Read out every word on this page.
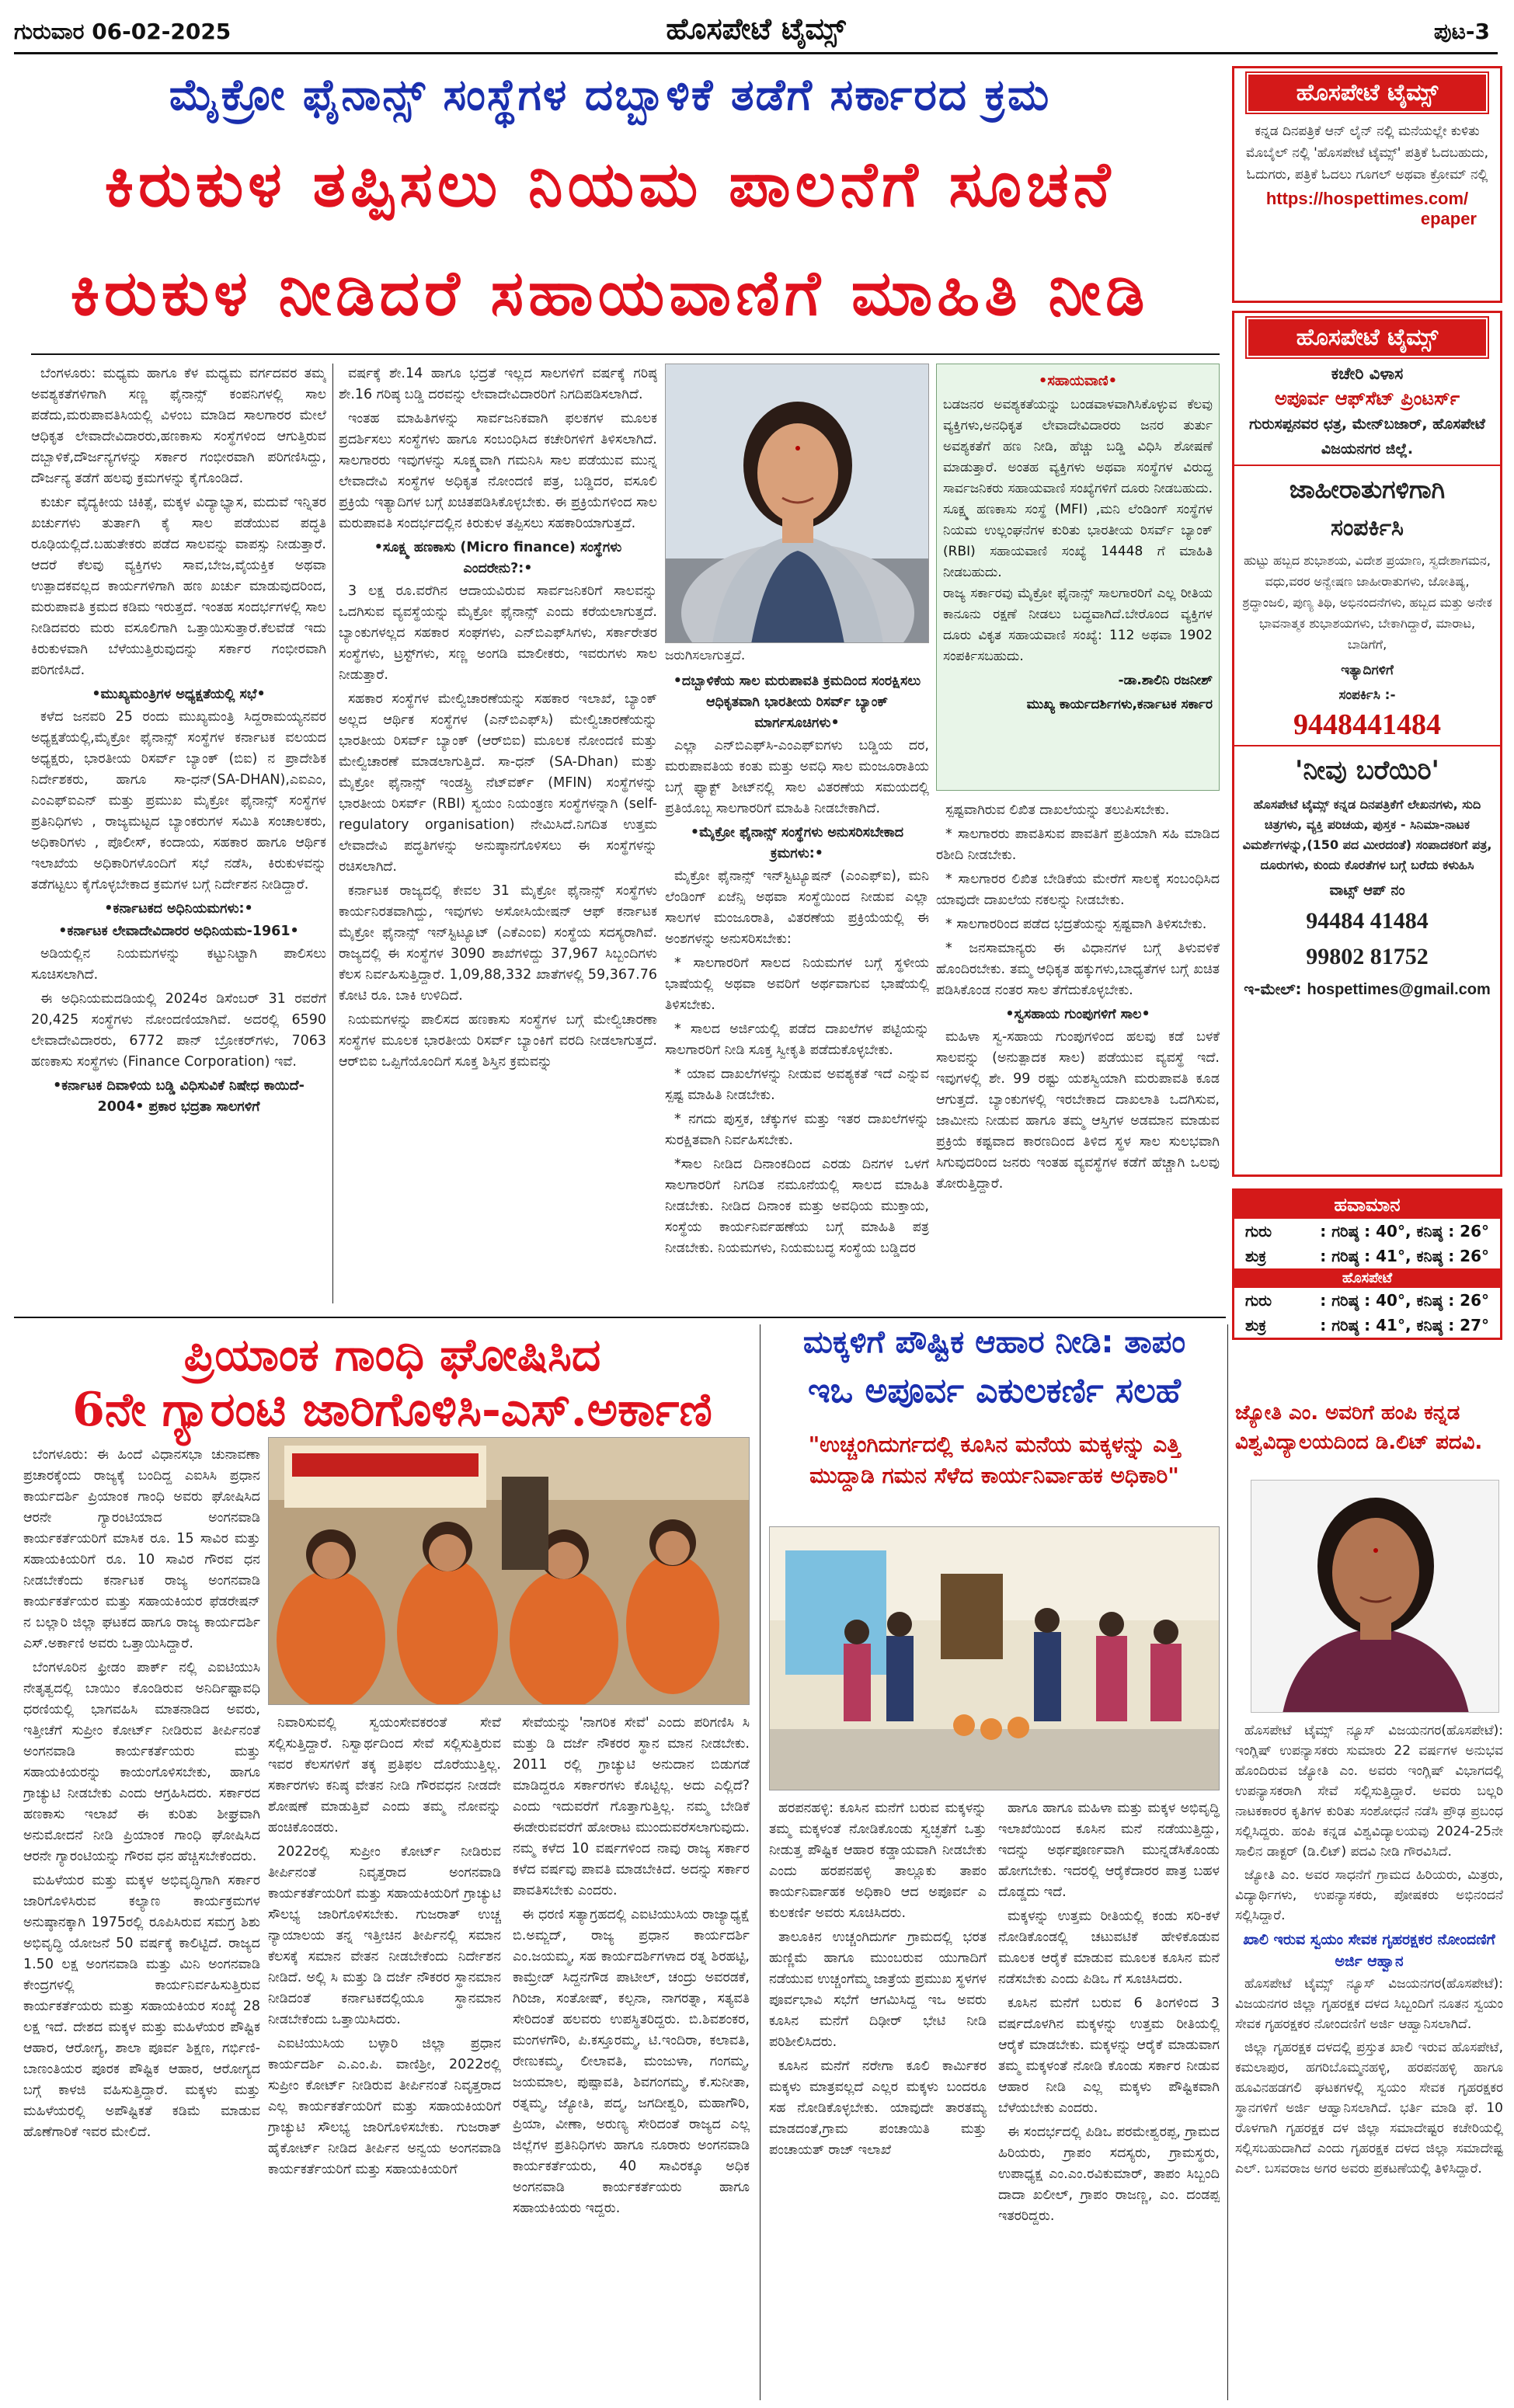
ಗುರುವಾರ 06-02-2025	ಹೊಸಪೇಟೆ ಟೈಮ್ಸ್	ಪುಟ-3
ಮೈಕ್ರೋ ಫೈನಾನ್ಸ್ ಸಂಸ್ಥೆಗಳ ದಬ್ಬಾಳಿಕೆ ತಡೆಗೆ ಸರ್ಕಾರದ ಕ್ರಮ
ಕಿರುಕುಳ ತಪ್ಪಿಸಲು ನಿಯಮ ಪಾಲನೆಗೆ ಸೂಚನೆ
ಕಿರುಕುಳ ನೀಡಿದರೆ ಸಹಾಯವಾಣಿಗೆ ಮಾಹಿತಿ ನೀಡಿ

ಬೆಂಗಳೂರು: ಮಧ್ಯಮ ಹಾಗೂ ಕೆಳ ಮಧ್ಯಮ ವರ್ಗದವರ ತಮ್ಮ ಅವಶ್ಯಕತೆಗಳಿಗಾಗಿ ಸಣ್ಣ ಫೈನಾನ್ಸ್ ಕಂಪನಿಗಳಲ್ಲಿ ಸಾಲ ಪಡೆದು,ಮರುಪಾವತಿಸಿಯಲ್ಲಿ ವಿಳಂಬ ಮಾಡಿದ ಸಾಲಗಾರರ ಮೇಲೆ ಆಧಿಕೃತ ಲೇವಾದೇವಿದಾರರು,ಹಣಕಾಸು ಸಂಸ್ಥೆಗಳಿಂದ ಆಗುತ್ತಿರುವ ದಬ್ಬಾಳಿಕೆ,ದೌರ್ಜನ್ಯಗಳನ್ನು ಸರ್ಕಾರ ಗಂಭೀರವಾಗಿ ಪರಿಗಣಿಸಿದ್ದು, ದೌರ್ಜನ್ಯ ತಡೆಗೆ ಹಲವು ಕ್ರಮಗಳನ್ನು ಕೈಗೊಂಡಿದೆ.

ಕುರ್ಚು ವೈದ್ಯಕೀಯ ಚಿಕಿತ್ಸೆ, ಮಕ್ಕಳ ವಿದ್ಯಾಭ್ಯಾಸ, ಮದುವೆ ಇನ್ನಿತರ ಖರ್ಚುಗಳು ತುರ್ತಾಗಿ ಕೈ ಸಾಲ ಪಡೆಯುವ ಪದ್ಧತಿ ರೂಢಿಯಲ್ಲಿದೆ.ಬಹುತೇಕರು ಪಡೆದ ಸಾಲವನ್ನು ವಾಪಸ್ಸು ನೀಡುತ್ತಾರೆ. ಆದರೆ ಕೆಲವು ವ್ಯಕ್ತಿಗಳು ಸಾವ,ಬೇಜ,ವೈಯಕ್ತಿಕ ಅಥವಾ ಉತ್ಪಾದಕವಲ್ಲದ ಕಾರ್ಯಗಳಿಗಾಗಿ ಹಣ ಖರ್ಚು ಮಾಡುವುದರಿಂದ, ಮರುಪಾವತಿ ಕ್ರಮದ ಕಡಿಮ ಇರುತ್ತದೆ. ಇಂತಹ ಸಂದರ್ಭಗಳಲ್ಲಿ ಸಾಲ ನೀಡಿದವರು ಮರು ವಸೂಲಿಗಾಗಿ ಒತ್ತಾಯಿಸುತ್ತಾರೆ.ಕೆಲವೆಡೆ ಇದು ಕಿರುಕುಳವಾಗಿ ಬೆಳೆಯುತ್ತಿರುವುದನ್ನು ಸರ್ಕಾರ ಗಂಭೀರವಾಗಿ ಪರಿಗಣಿಸಿದೆ.

•ಮುಖ್ಯಮಂತ್ರಿಗಳ ಅಧ್ಯಕ್ಷತೆಯಲ್ಲಿ ಸಭೆ•

ಕಳೆದ ಜನವರಿ 25 ರಂದು ಮುಖ್ಯಮಂತ್ರಿ ಸಿದ್ದರಾಮಯ್ಯನವರ ಅಧ್ಯಕ್ಷತೆಯಲ್ಲಿ,ಮೈಕ್ರೋ ಫೈನಾನ್ಸ್ ಸಂಸ್ಥೆಗಳ ಕರ್ನಾಟಕ ವಲಯದ ಅಧ್ಯಕ್ಷರು, ಭಾರತೀಯ ರಿಸರ್ವ್ ಬ್ಯಾಂಕ್ (ಬಿಐ) ನ ಪ್ರಾದೇಶಿಕ ನಿರ್ದೇಶಕರು, ಹಾಗೂ ಸಾ-ಧನ್(SA-DHAN),ಎಐಎಂ, ಎಂಎಫ್‌ಐಎನ್ ಮತ್ತು ಪ್ರಮುಖ ಮೈಕ್ರೋ ಫೈನಾನ್ಸ್ ಸಂಸ್ಥೆಗಳ ಪ್ರತಿನಿಧಿಗಳು , ರಾಜ್ಯಮಟ್ಟದ ಬ್ಯಾಂಕರುಗಳ ಸಮಿತಿ ಸಂಚಾಲಕರು, ಅಧಿಕಾರಿಗಳು , ಪೊಲೀಸ್, ಕಂದಾಯ, ಸಹಕಾರ ಹಾಗೂ ಆರ್ಥಿಕ ಇಲಾಖೆಯ ಅಧಿಕಾರಿಗಳೊಂದಿಗೆ ಸಭೆ ನಡೆಸಿ, ಕಿರುಕುಳವನ್ನು ತಡೆಗಟ್ಟಲು ಕೈಗೊಳ್ಳಬೇಕಾದ ಕ್ರಮಗಳ ಬಗ್ಗೆ ನಿರ್ದೇಶನ ನೀಡಿದ್ದಾರೆ.

•ಕರ್ನಾಟಕದ ಅಧಿನಿಯಮಗಳು:•
•ಕರ್ನಾಟಕ ಲೇವಾದೇವಿದಾರರ ಅಧಿನಿಯಮ-1961•

ಅಡಿಯಲ್ಲಿನ ನಿಯಮಗಳನ್ನು ಕಟ್ಟುನಿಟ್ಟಾಗಿ ಪಾಲಿಸಲು ಸೂಚಿಸಲಾಗಿದೆ.

ಈ ಅಧಿನಿಯಮದಡಿಯಲ್ಲಿ 2024ರ ಡಿಸೆಂಬರ್ 31 ರವರೆಗೆ 20,425 ಸಂಸ್ಥೆಗಳು ನೋಂದಣಿಯಾಗಿವೆ. ಅದರಲ್ಲಿ 6590 ಲೇವಾದೇವಿದಾರರು, 6772 ಪಾನ್ ಬ್ರೋಕರ್‌ಗಳು, 7063 ಹಣಕಾಸು ಸಂಸ್ಥೆಗಳು (Finance Corporation) ಇವೆ.

•ಕರ್ನಾಟಕ ದಿವಾಳಿಯ ಬಡ್ಡಿ ವಿಧಿಸುವಿಕೆ ನಿಷೇಧ ಕಾಯಿದೆ- 2004• ಪ್ರಕಾರ ಭದ್ರತಾ ಸಾಲಗಳಿಗೆ

ವರ್ಷಕ್ಕೆ ಶೇ.14 ಹಾಗೂ ಭದ್ರತೆ ಇಲ್ಲದ ಸಾಲಗಳಿಗೆ ವರ್ಷಕ್ಕೆ ಗರಿಷ್ಠ ಶೇ.16 ಗರಿಷ್ಠ ಬಡ್ಡಿ ದರವನ್ನು ಲೇವಾದೇವಿದಾರರಿಗೆ ನಿಗದಿಪಡಿಸಲಾಗಿದೆ.

ಇಂತಹ ಮಾಹಿತಿಗಳನ್ನು ಸಾರ್ವಜನಿಕವಾಗಿ ಫಲಕಗಳ ಮೂಲಕ ಪ್ರದರ್ಶಿಸಲು ಸಂಸ್ಥೆಗಳು ಹಾಗೂ ಸಂಬಂಧಿಸಿದ ಕಚೇರಿಗಳಿಗೆ ತಿಳಿಸಲಾಗಿದೆ. ಸಾಲಗಾರರು ಇವುಗಳನ್ನು ಸೂಕ್ಷ್ಮವಾಗಿ ಗಮನಿಸಿ ಸಾಲ ಪಡೆಯುವ ಮುನ್ನ ಲೇವಾದೇವಿ ಸಂಸ್ಥೆಗಳ ಅಧಿಕೃತ ನೋಂದಣಿ ಪತ್ರ, ಬಡ್ಡಿದರ, ವಸೂಲಿ ಪ್ರಕ್ರಿಯೆ ಇತ್ಯಾದಿಗಳ ಬಗ್ಗೆ ಖಚಿತಪಡಿಸಿಕೊಳ್ಳಬೇಕು. ಈ ಪ್ರಕ್ರಿಯೆಗಳಿಂದ ಸಾಲ ಮರುಪಾವತಿ ಸಂದರ್ಭದಲ್ಲಿನ ಕಿರುಕುಳ ತಪ್ಪಿಸಲು ಸಹಕಾರಿಯಾಗುತ್ತದೆ.

•ಸೂಕ್ಷ್ಮ ಹಣಕಾಸು (Micro finance) ಸಂಸ್ಥೆಗಳು ಎಂದರೇನು?:•

3 ಲಕ್ಷ ರೂ.ವರೆಗಿನ ಆದಾಯವಿರುವ ಸಾರ್ವಜನಿಕರಿಗೆ ಸಾಲವನ್ನು ಒದಗಿಸುವ ವ್ಯವಸ್ಥೆಯನ್ನು ಮೈಕ್ರೋ ಫೈನಾನ್ಸ್ ಎಂದು ಕರೆಯಲಾಗುತ್ತದೆ. ಬ್ಯಾಂಕುಗಳಲ್ಲದ ಸಹಕಾರ ಸಂಘಗಳು, ಎನ್‌ಬಿಎಫ್‌ಸಿಗಳು, ಸರ್ಕಾರೇತರ ಸಂಸ್ಥೆಗಳು, ಟ್ರಸ್ಟ್‌ಗಳು, ಸಣ್ಣ ಅಂಗಡಿ ಮಾಲೀಕರು, ಇವರುಗಳು ಸಾಲ ನೀಡುತ್ತಾರೆ.

ಸಹಕಾರ ಸಂಸ್ಥೆಗಳ ಮೇಲ್ವಿಚಾರಣೆಯನ್ನು ಸಹಕಾರ ಇಲಾಖೆ, ಬ್ಯಾಂಕ್ ಅಲ್ಲದ ಆರ್ಥಿಕ ಸಂಸ್ಥೆಗಳ (ಎನ್‌ಬಿಎಫ್‌ಸಿ) ಮೇಲ್ವಿಚಾರಣೆಯನ್ನು ಭಾರತೀಯ ರಿಸರ್ವ್ ಬ್ಯಾಂಕ್ (ಆರ್‌ಬಿಐ) ಮೂಲಕ ನೋಂದಣಿ ಮತ್ತು ಮೇಲ್ವಿಚಾರಣೆ ಮಾಡಲಾಗುತ್ತಿದೆ. ಸಾ-ಧನ್ (SA-Dhan) ಮತ್ತು ಮೈಕ್ರೋ ಫೈನಾನ್ಸ್ ಇಂಡಸ್ಟ್ರಿ ನೆಟ್‌ವರ್ಕ್ (MFIN) ಸಂಸ್ಥೆಗಳನ್ನು ಭಾರತೀಯ ರಿಸರ್ವ್ (RBI) ಸ್ವಯಂ ನಿಯಂತ್ರಣ ಸಂಸ್ಥೆಗಳನ್ನಾಗಿ (self-regulatory organisation) ನೇಮಿಸಿದೆ.ನಿಗದಿತ ಉತ್ತಮ ಲೇವಾದೇವಿ ಪದ್ಧತಿಗಳನ್ನು ಅನುಷ್ಠಾನಗೊಳಿಸಲು ಈ ಸಂಸ್ಥೆಗಳನ್ನು ರಚಿಸಲಾಗಿದೆ.

ಕರ್ನಾಟಕ ರಾಜ್ಯದಲ್ಲಿ ಕೇವಲ 31 ಮೈಕ್ರೋ ಫೈನಾನ್ಸ್ ಸಂಸ್ಥೆಗಳು ಕಾರ್ಯನಿರತವಾಗಿದ್ದು, ಇವುಗಳು ಅಸೋಸಿಯೇಷನ್ ಆಫ್ ಕರ್ನಾಟಕ ಮೈಕ್ರೋ ಫೈನಾನ್ಸ್ ಇನ್‌ಸ್ಟಿಟ್ಯೂಟ್ (ಎಕೆಎಂಐ) ಸಂಸ್ಥೆಯ ಸದಸ್ಯರಾಗಿವೆ. ರಾಜ್ಯದಲ್ಲಿ ಈ ಸಂಸ್ಥೆಗಳ 3090 ಶಾಖೆಗಳಿದ್ದು 37,967 ಸಿಬ್ಬಂದಿಗಳು ಕೆಲಸ ನಿರ್ವಹಿಸುತ್ತಿದ್ದಾರೆ. 1,09,88,332 ಖಾತೆಗಳಲ್ಲಿ 59,367.76 ಕೋಟಿ ರೂ. ಬಾಕಿ ಉಳಿದಿದೆ.

ನಿಯಮಗಳನ್ನು ಪಾಲಿಸದ ಹಣಕಾಸು ಸಂಸ್ಥೆಗಳ ಬಗ್ಗೆ ಮೇಲ್ವಿಚಾರಣಾ ಸಂಸ್ಥೆಗಳ ಮೂಲಕ ಭಾರತೀಯ ರಿಸರ್ವ್ ಬ್ಯಾಂಕಿಗೆ ವರದಿ ನೀಡಲಾಗುತ್ತದೆ. ಆರ್‌ಬಿಐ ಒಪ್ಪಿಗೆಯೊಂದಿಗೆ ಸೂಕ್ತ ಶಿಸ್ತಿನ ಕ್ರಮವನ್ನು

ಜರುಗಿಸಲಾಗುತ್ತದೆ.
•ದಬ್ಬಾಳಿಕೆಯ ಸಾಲ ಮರುಪಾವತಿ ಕ್ರಮದಿಂದ ಸಂರಕ್ಷಿಸಲು ಆಧಿಕೃತವಾಗಿ ಭಾರತೀಯ ರಿಸರ್ವ್ ಬ್ಯಾಂಕ್ ಮಾರ್ಗಸೂಚಿಗಳು•

ಎಲ್ಲಾ ಎನ್‌ಬಿಎಫ್‌ಸಿ-ಎಂಎಫ್‌ಐಗಳು ಬಡ್ಡಿಯ ದರ, ಮರುಪಾವತಿಯ ಕಂತು ಮತ್ತು ಅವಧಿ ಸಾಲ ಮಂಜೂರಾತಿಯ ಬಗ್ಗೆ ಫ್ಯಾಕ್ಟ್ ಶೀಟ್‌ನಲ್ಲಿ ಸಾಲ ವಿತರಣೆಯ ಸಮಯದಲ್ಲಿ ಪ್ರತಿಯೊಬ್ಬ ಸಾಲಗಾರರಿಗೆ ಮಾಹಿತಿ ನೀಡಬೇಕಾಗಿದೆ.

•ಮೈಕ್ರೋ ಫೈನಾನ್ಸ್ ಸಂಸ್ಥೆಗಳು ಅನುಸರಿಸಬೇಕಾದ ಕ್ರಮಗಳು:•

ಮೈಕ್ರೋ ಫೈನಾನ್ಸ್ ಇನ್‌ಸ್ಟಿಟ್ಯೂಷನ್ (ಎಂಎಫ್‌ಐ), ಮನಿ ಲೆಂಡಿಂಗ್ ಏಜೆನ್ಸಿ ಅಥವಾ ಸಂಸ್ಥೆಯಿಂದ ನೀಡುವ ಎಲ್ಲಾ ಸಾಲಗಳ ಮಂಜೂರಾತಿ, ವಿತರಣೆಯ ಪ್ರಕ್ರಿಯೆಯಲ್ಲಿ ಈ ಅಂಶಗಳನ್ನು ಅನುಸರಿಸಬೇಕು:

* ಸಾಲಗಾರರಿಗೆ ಸಾಲದ ನಿಯಮಗಳ ಬಗ್ಗೆ ಸ್ಥಳೀಯ ಭಾಷೆಯಲ್ಲಿ ಅಥವಾ ಅವರಿಗೆ ಅರ್ಥವಾಗುವ ಭಾಷೆಯಲ್ಲಿ ತಿಳಿಸಬೇಕು.

* ಸಾಲದ ಅರ್ಜಿಯಲ್ಲಿ ಪಡೆದ ದಾಖಲೆಗಳ ಪಟ್ಟಿಯನ್ನು ಸಾಲಗಾರರಿಗೆ ನೀಡಿ ಸೂಕ್ತ ಸ್ವೀಕೃತಿ ಪಡೆದುಕೊಳ್ಳಬೇಕು.

* ಯಾವ ದಾಖಲೆಗಳನ್ನು ನೀಡುವ ಅವಶ್ಯಕತೆ ಇದೆ ಎನ್ನುವ ಸ್ಪಷ್ಟ ಮಾಹಿತಿ ನೀಡಬೇಕು.

* ನಗದು ಪುಸ್ತಕ, ಚೆಕ್ಕುಗಳ ಮತ್ತು ಇತರ ದಾಖಲೆಗಳನ್ನು ಸುರಕ್ಷಿತವಾಗಿ ನಿರ್ವಹಿಸಬೇಕು.

*ಸಾಲ ನೀಡಿದ ದಿನಾಂಕದಿಂದ ಎರಡು ದಿನಗಳ ಒಳಗೆ ಸಾಲಗಾರರಿಗೆ ನಿಗದಿತ ನಮೂನೆಯಲ್ಲಿ ಸಾಲದ ಮಾಹಿತಿ ನೀಡಬೇಕು. ನೀಡಿದ ದಿನಾಂಕ ಮತ್ತು ಅವಧಿಯ ಮುಕ್ತಾಯ, ಸಂಸ್ಥೆಯ ಕಾರ್ಯನಿರ್ವಹಣೆಯ ಬಗ್ಗೆ ಮಾಹಿತಿ ಪತ್ರ ನೀಡಬೇಕು. ನಿಯಮಗಳು, ನಿಯಮಬದ್ಧ ಸಂಸ್ಥೆಯ ಬಡ್ಡಿದರ

•ಸಹಾಯವಾಣಿ•

ಬಡಜನರ ಅವಶ್ಯಕತೆಯನ್ನು ಬಂಡವಾಳವಾಗಿಸಿಕೊಳ್ಳುವ ಕೆಲವು ವ್ಯಕ್ತಿಗಳು,ಅನಧಿಕೃತ ಲೇವಾದೇವಿದಾರರು ಜನರ ತುರ್ತು ಅವಶ್ಯಕತೆಗೆ ಹಣ ನೀಡಿ, ಹೆಚ್ಚು ಬಡ್ಡಿ ವಿಧಿಸಿ ಶೋಷಣೆ ಮಾಡುತ್ತಾರೆ. ಅಂತಹ ವ್ಯಕ್ತಿಗಳು ಅಥವಾ ಸಂಸ್ಥೆಗಳ ವಿರುದ್ಧ ಸಾರ್ವಜನಿಕರು ಸಹಾಯವಾಣಿ ಸಂಖ್ಯೆಗಳಿಗೆ ದೂರು ನೀಡಬಹುದು. ಸೂಕ್ಷ್ಮ ಹಣಕಾಸು ಸಂಸ್ಥೆ (MFI) ,ಮನಿ ಲೆಂಡಿಂಗ್ ಸಂಸ್ಥೆಗಳ ನಿಯಮ ಉಲ್ಲಂಘನೆಗಳ ಕುರಿತು ಭಾರತೀಯ ರಿಸರ್ವ್ ಬ್ಯಾಂಕ್ (RBI) ಸಹಾಯವಾಣಿ ಸಂಖ್ಯೆ 14448 ಗೆ ಮಾಹಿತಿ ನೀಡಬಹುದು.

ರಾಜ್ಯ ಸರ್ಕಾರವು ಮೈಕ್ರೋ ಫೈನಾನ್ಸ್ ಸಾಲಗಾರರಿಗೆ ಎಲ್ಲ ರೀತಿಯ ಕಾನೂನು ರಕ್ಷಣೆ ನೀಡಲು ಬದ್ಧವಾಗಿದೆ.ಬೇರೊಂದ ವ್ಯಕ್ತಿಗಳ ದೂರು ವಿಕೃತ ಸಹಾಯವಾಣಿ ಸಂಖ್ಯೆ: 112 ಅಥವಾ 1902 ಸಂಪರ್ಕಿಸಬಹುದು.

-ಡಾ.ಶಾಲಿನಿ ರಜನೀಶ್
ಮುಖ್ಯ ಕಾರ್ಯದರ್ಶಿಗಳು,ಕರ್ನಾಟಕ ಸರ್ಕಾರ

ಸ್ಪಷ್ಟವಾಗಿರುವ ಲಿಖಿತ ದಾಖಲೆಯನ್ನು ತಲುಪಿಸಬೇಕು.

* ಸಾಲಗಾರರು ಪಾವತಿಸುವ ಪಾವತಿಗೆ ಪ್ರತಿಯಾಗಿ ಸಹಿ ಮಾಡಿದ ರಶೀದಿ ನೀಡಬೇಕು.

* ಸಾಲಗಾರರ ಲಿಖಿತ ಬೇಡಿಕೆಯ ಮೇರೆಗೆ ಸಾಲಕ್ಕೆ ಸಂಬಂಧಿಸಿದ ಯಾವುದೇ ದಾಖಲೆಯ ನಕಲನ್ನು ನೀಡಬೇಕು.

* ಸಾಲಗಾರರಿಂದ ಪಡೆದ ಭದ್ರತೆಯನ್ನು ಸ್ಪಷ್ಟವಾಗಿ ತಿಳಿಸಬೇಕು.

* ಜನಸಾಮಾನ್ಯರು ಈ ವಿಧಾನಗಳ ಬಗ್ಗೆ ತಿಳುವಳಿಕೆ ಹೊಂದಿರಬೇಕು. ತಮ್ಮ ಆಧಿಕೃತ ಹಕ್ಕುಗಳು,ಬಾಧ್ಯತೆಗಳ ಬಗ್ಗೆ ಖಚಿತ ಪಡಿಸಿಕೊಂಡ ನಂತರ ಸಾಲ ತೆಗೆದುಕೊಳ್ಳಬೇಕು.

•ಸ್ವಸಹಾಯ ಗುಂಪುಗಳಿಗೆ ಸಾಲ•

ಮಹಿಳಾ ಸ್ವ-ಸಹಾಯ ಗುಂಪುಗಳಿಂದ ಹಲವು ಕಡೆ ಬಳಕೆ ಸಾಲವನ್ನು (ಅನುತ್ಪಾದಕ ಸಾಲ) ಪಡೆಯುವ ವ್ಯವಸ್ಥೆ ಇದೆ. ಇವುಗಳಲ್ಲಿ ಶೇ. 99 ರಷ್ಟು ಯಶಸ್ವಿಯಾಗಿ ಮರುಪಾವತಿ ಕೂಡ ಆಗುತ್ತದೆ. ಬ್ಯಾಂಕುಗಳಲ್ಲಿ ಇರಬೇಕಾದ ದಾಖಲಾತಿ ಒದಗಿಸುವ, ಜಾಮೀನು ನೀಡುವ ಹಾಗೂ ತಮ್ಮ ಆಸ್ತಿಗಳ ಅಡಮಾನ ಮಾಡುವ ಪ್ರಕ್ರಿಯೆ ಕಷ್ಟವಾದ ಕಾರಣದಿಂದ ತಿಳಿದ ಸ್ಥಳ ಸಾಲ ಸುಲಭವಾಗಿ ಸಿಗುವುದರಿಂದ ಜನರು ಇಂತಹ ವ್ಯವಸ್ಥೆಗಳ ಕಡೆಗೆ ಹೆಚ್ಚಾಗಿ ಒಲವು ತೋರುತ್ತಿದ್ದಾರೆ.

ಹೊಸಪೇಟೆ ಟೈಮ್ಸ್
ಕನ್ನಡ ದಿನಪತ್ರಿಕೆ ಆನ್ ಲೈನ್ ನಲ್ಲಿ ಮನೆಯಲ್ಲೇ ಕುಳಿತು ಮೊಬೈಲ್ ನಲ್ಲಿ 'ಹೊಸಪೇಟೆ ಟೈಮ್ಸ್' ಪತ್ರಿಕೆ ಓದಬಹುದು, ಓದುಗರು, ಪತ್ರಿಕೆ ಓದಲು ಗೂಗಲ್ ಅಥವಾ ಕ್ರೋಮ್ ನಲ್ಲಿ
https://hospettimes.com/
epaper
ಹೊಸಪೇಟೆ ಟೈಮ್ಸ್
ಕಚೇರಿ ವಿಳಾಸ
ಅಪೂರ್ವ ಆಫ್‌ಸೆಟ್ ಪ್ರಿಂಟರ್ಸ್
ಗುರುಸಪ್ಪನವರ ಛತ್ರ, ಮೇನ್‌ಬಜಾರ್, ಹೊಸಪೇಟೆ
ವಿಜಯನಗರ ಜಿಲ್ಲೆ.
ಜಾಹೀರಾತುಗಳಿಗಾಗಿ
ಸಂಪರ್ಕಿಸಿ
ಹುಟ್ಟು ಹಬ್ಬದ ಶುಭಾಶಯ, ವಿದೇಶ ಪ್ರಯಾಣ, ಸ್ವದೇಶಾಗಮನ, ವಧು,ವರರ ಅನ್ವೇಷಣ ಜಾಹೀರಾತುಗಳು, ಜೋತಿಷ್ಯ, ಶ್ರದ್ಧಾಂಜಲಿ, ಪುಣ್ಯ ತಿಥಿ, ಅಭಿನಂದನೆಗಳು, ಹಬ್ಬದ ಮತ್ತು ಅನೇಕ ಭಾವನಾತ್ಮಕ ಶುಭಾಶಯಗಳು, ಬೇಕಾಗಿದ್ದಾರೆ, ಮಾರಾಟ, ಬಾಡಿಗೆಗೆ,
ಇತ್ಯಾದಿಗಳಿಗೆ
ಸಂಪರ್ಕಿಸಿ :-
9448441484
'ನೀವು ಬರೆಯಿರಿ'
ಹೊಸಪೇಟೆ ಟೈಮ್ಸ್ ಕನ್ನಡ ದಿನಪತ್ರಿಕೆಗೆ ಲೇಖನಗಳು, ಸುದಿ ಚಿತ್ರಗಳು, ವ್ಯಕ್ತಿ ಪರಿಚಯ, ಪುಸ್ತಕ - ಸಿನಿಮಾ-ನಾಟಕ ವಿಮರ್ಶೆಗಳನ್ನು,(150 ಪದ ಮೀರದಂತೆ) ಸಂಪಾದಕರಿಗೆ ಪತ್ರ, ದೂರುಗಳು, ಕುಂದು ಕೊರತೆಗಳ ಬಗ್ಗೆ ಬರೆದು ಕಳುಹಿಸಿ
ವಾಟ್ಸ್ ಆ‍ಪ್ ನಂ
94484 41484
99802 81752
ಇ-ಮೇಲ್: hospettimes@gmail.com
ಹವಾಮಾನ
ಗುರು	: ಗರಿಷ್ಠ : 40°, ಕನಿಷ್ಠ : 26°
ಶುಕ್ರ	: ಗರಿಷ್ಠ : 41°, ಕನಿಷ್ಠ : 26°
ಹೊಸಪೇಟೆ
ಗುರು	: ಗರಿಷ್ಠ : 40°, ಕನಿಷ್ಠ : 26°
ಶುಕ್ರ	: ಗರಿಷ್ಠ : 41°, ಕನಿಷ್ಠ : 27°
ಪ್ರಿಯಾಂಕ ಗಾಂಧಿ ಘೋಷಿಸಿದ
6ನೇ ಗ್ಯಾರಂಟಿ ಜಾರಿಗೊಳಿಸಿ-ಎಸ್.ಅರ್ಕಾಣಿ

ಬೆಂಗಳೂರು: ಈ ಹಿಂದೆ ವಿಧಾನಸಭಾ ಚುನಾವಣಾ ಪ್ರಚಾರಕ್ಕೆಂದು ರಾಜ್ಯಕ್ಕೆ ಬಂದಿದ್ದ ಎಐಸಿಸಿ ಪ್ರಧಾನ ಕಾರ್ಯದರ್ಶಿ ಪ್ರಿಯಾಂಕ ಗಾಂಧಿ ಅವರು ಘೋಷಿಸಿದ ಆರನೇ ಗ್ಯಾರಂಟಿಯಾದ ಅಂಗನವಾಡಿ ಕಾರ್ಯಕರ್ತೆಯರಿಗೆ ಮಾಸಿಕ ರೂ. 15 ಸಾವಿರ ಮತ್ತು ಸಹಾಯಕಿಯರಿಗೆ ರೂ. 10 ಸಾವಿರ ಗೌರವ ಧನ ನೀಡಬೇಕೆಂದು ಕರ್ನಾಟಕ ರಾಜ್ಯ ಅಂಗನವಾಡಿ ಕಾರ್ಯಕರ್ತೆಯರ ಮತ್ತು ಸಹಾಯಕಿಯರ ಫೆಡರೇಷನ್ ನ ಬಲ್ಲಾರಿ ಜಿಲ್ಲಾ ಘಟಕದ ಹಾಗೂ ರಾಜ್ಯ ಕಾರ್ಯದರ್ಶಿ ಎಸ್.ಅರ್ಕಾಣಿ ಅವರು ಒತ್ತಾಯಿಸಿದ್ದಾರೆ.

ಬೆಂಗಳೂರಿನ ಫ್ರೀಡಂ ಪಾರ್ಕ್ ನಲ್ಲಿ ಎಐಟಿಯುಸಿ ನೇತೃತ್ವದಲ್ಲಿ ಬಾಯಿಂ ಕೊಂಡಿರುವ ಅನಿರ್ದಿಷ್ಟಾವಧಿ ಧರಣಿಯಲ್ಲಿ ಭಾಗವಹಿಸಿ ಮಾತನಾಡಿದ ಅವರು, ಇತ್ತೀಚೆಗೆ ಸುಪ್ರೀಂ ಕೋರ್ಟ್ ನೀಡಿರುವ ತೀರ್ಪಿನಂತೆ ಅಂಗನವಾಡಿ ಕಾರ್ಯಕರ್ತೆಯರು ಮತ್ತು ಸಹಾಯಕಿಯರನ್ನು ಕಾಯಂಗೊಳಿಸಬೇಕು, ಹಾಗೂ ಗ್ರಾಚ್ಯುಟಿ ನೀಡಬೇಕು ಎಂದು ಆಗ್ರಹಿಸಿದರು. ಸರ್ಕಾರದ ಹಣಕಾಸು ಇಲಾಖೆ ಈ ಕುರಿತು ಶೀಘ್ರವಾಗಿ ಅನುಮೋದನೆ ನೀಡಿ ಪ್ರಿಯಾಂಕ ಗಾಂಧಿ ಘೋಷಿಸಿದ ಆರನೇ ಗ್ಯಾರಂಟಿಯನ್ನು ಗೌರವ ಧನ ಹೆಚ್ಚಿಸಬೇಕೆಂದರು.

ಮಹಿಳೆಯರ ಮತ್ತು ಮಕ್ಕಳ ಅಭಿವೃದ್ಧಿಗಾಗಿ ಸರ್ಕಾರ ಜಾರಿಗೊಳಿಸಿರುವ ಕಲ್ಯಾಣ ಕಾರ್ಯಕ್ರಮಗಳ ಅನುಷ್ಠಾನಕ್ಕಾಗಿ 1975ರಲ್ಲಿ ರೂಪಿಸಿರುವ ಸಮಗ್ರ ಶಿಶು ಅಭಿವೃದ್ಧಿ ಯೋಜನೆ 50 ವರ್ಷಕ್ಕೆ ಕಾಲಿಟ್ಟಿದೆ. ರಾಜ್ಯದ 1.50 ಲಕ್ಷ ಅಂಗನವಾಡಿ ಮತ್ತು ಮಿನಿ ಅಂಗನವಾಡಿ ಕೇಂದ್ರಗಳಲ್ಲಿ ಕಾರ್ಯನಿರ್ವಹಿಸುತ್ತಿರುವ ಕಾರ್ಯಕರ್ತೆಯರು ಮತ್ತು ಸಹಾಯಕಿಯರ ಸಂಖ್ಯೆ 28 ಲಕ್ಷ ಇದೆ. ದೇಶದ ಮಕ್ಕಳ ಮತ್ತು ಮಹಿಳೆಯರ ಪೌಷ್ಟಿಕ ಆಹಾರ, ಆರೋಗ್ಯ, ಶಾಲಾ ಪೂರ್ವ ಶಿಕ್ಷಣ, ಗರ್ಭಿಣಿ-ಬಾಣಂತಿಯರ ಪೂರಕ ಪೌಷ್ಟಿಕ ಆಹಾರ, ಆರೋಗ್ಯದ ಬಗ್ಗೆ ಕಾಳಜಿ ವಹಿಸುತ್ತಿದ್ದಾರೆ. ಮಕ್ಕಳು ಮತ್ತು ಮಹಿಳೆಯರಲ್ಲಿ ಅಪೌಷ್ಟಿಕತೆ ಕಡಿಮೆ ಮಾಡುವ ಹೊಣೆಗಾರಿಕೆ ಇವರ ಮೇಲಿದೆ.

ನಿವಾರಿಸುವಲ್ಲಿ ಸ್ವಯಂಸೇವಕರಂತೆ ಸೇವೆ ಸಲ್ಲಿಸುತ್ತಿದ್ದಾರೆ. ನಿಸ್ವಾರ್ಥದಿಂದ ಸೇವೆ ಸಲ್ಲಿಸುತ್ತಿರುವ ಇವರ ಕೆಲಸಗಳಿಗೆ ತಕ್ಕ ಪ್ರತಿಫಲ ದೊರೆಯುತ್ತಿಲ್ಲ. ಸರ್ಕಾರಗಳು ಕನಿಷ್ಠ ವೇತನ ನೀಡಿ ಗೌರವಧನ ನೀಡದೇ ಶೋಷಣೆ ಮಾಡುತ್ತಿವೆ ಎಂದು ತಮ್ಮ ನೋವನ್ನು ಹಂಚಿಕೊಂಡರು.

2022ರಲ್ಲಿ ಸುಪ್ರೀಂ ಕೋರ್ಟ್ ನೀಡಿರುವ ತೀರ್ಪಿನಂತೆ ನಿವೃತ್ತರಾದ ಅಂಗನವಾಡಿ ಕಾರ್ಯಕರ್ತೆಯರಿಗೆ ಮತ್ತು ಸಹಾಯಕಿಯರಿಗೆ ಗ್ರಾಚ್ಯುಟಿ ಸೌಲಭ್ಯ ಜಾರಿಗೊಳಿಸಬೇಕು. ಗುಜರಾತ್ ಉಚ್ಚ ನ್ಯಾಯಾಲಯ ತನ್ನ ಇತ್ತೀಚಿನ ತೀರ್ಪಿನಲ್ಲಿ ಸಮಾನ ಕೆಲಸಕ್ಕೆ ಸಮಾನ ವೇತನ ನೀಡಬೇಕೆಂದು ನಿರ್ದೇಶನ ನೀಡಿದೆ. ಅಲ್ಲಿ ಸಿ ಮತ್ತು ಡಿ ದರ್ಜೆ ನೌಕರರ ಸ್ಥಾನಮಾನ ನೀಡಿದಂತೆ ಕರ್ನಾಟಕದಲ್ಲಿಯೂ ಸ್ಥಾನಮಾನ ನೀಡಬೇಕೆಂದು ಒತ್ತಾಯಿಸಿದರು.

ಎಐಟಿಯುಸಿಯ ಬಳ್ಳಾರಿ ಜಿಲ್ಲಾ ಪ್ರಧಾನ ಕಾರ್ಯದರ್ಶಿ ಎ.ಎಂ.ಪಿ. ವಾಣಿಶ್ರೀ, 2022ರಲ್ಲಿ ಸುಪ್ರೀಂ ಕೋರ್ಟ್ ನೀಡಿರುವ ತೀರ್ಪಿನಂತೆ ನಿವೃತ್ತರಾದ ಎಲ್ಲ ಕಾರ್ಯಕರ್ತೆಯರಿಗೆ ಮತ್ತು ಸಹಾಯಕಿಯರಿಗೆ ಗ್ರಾಚ್ಯುಟಿ ಸೌಲಭ್ಯ ಜಾರಿಗೊಳಿಸಬೇಕು. ಗುಜರಾತ್ ಹೈಕೋರ್ಟ್ ನೀಡಿದ ತೀರ್ಪಿನ ಅನ್ವಯ ಅಂಗನವಾಡಿ ಕಾರ್ಯಕರ್ತೆಯರಿಗೆ ಮತ್ತು ಸಹಾಯಕಿಯರಿಗೆ

ಸೇವೆಯನ್ನು 'ನಾಗರಿಕ ಸೇವೆ' ಎಂದು ಪರಿಗಣಿಸಿ ಸಿ ಮತ್ತು ಡಿ ದರ್ಜೆ ನೌಕರರ ಸ್ಥಾನ ಮಾನ ನೀಡಬೇಕು. 2011 ರಲ್ಲಿ ಗ್ರಾಚ್ಯುಟಿ ಅನುದಾನ ಬಿಡುಗಡೆ ಮಾಡಿದ್ದರೂ ಸರ್ಕಾರಗಳು ಕೊಟ್ಟಿಲ್ಲ. ಅದು ಎಲ್ಲಿದೆ? ಎಂದು ಇದುವರೆಗೆ ಗೊತ್ತಾಗುತ್ತಿಲ್ಲ. ನಮ್ಮ ಬೇಡಿಕೆ ಈಡೇರುವವರೆಗೆ ಹೋರಾಟ ಮುಂದುವರೆಸಲಾಗುವುದು. ನಮ್ಮ ಕಳೆದ 10 ವರ್ಷಗಳಿಂದ ನಾವು ರಾಜ್ಯ ಸರ್ಕಾರ ಕಳೆದ ವರ್ಷವು ಪಾವತಿ ಮಾಡಬೇಕಿದೆ. ಅದನ್ನು ಸರ್ಕಾರ ಪಾವತಿಸಬೇಕು ಎಂದರು.

ಈ ಧರಣಿ ಸತ್ಯಾಗ್ರಹದಲ್ಲಿ ಎಐಟಿಯುಸಿಯ ರಾಜ್ಯಾಧ್ಯಕ್ಷೆ ಬಿ.ಅಮ್ಜದ್, ರಾಜ್ಯ ಪ್ರಧಾನ ಕಾರ್ಯದರ್ಶಿ ಎಂ.ಜಯಮ್ಮ, ಸಹ ಕಾರ್ಯದರ್ಶಿಗಳಾದ ರತ್ನ ಶಿರಹಟ್ಟಿ, ಕಾಮ್ರೇಡ್ ಸಿದ್ದನಗೌಡ ಪಾಟೀಲ್, ಚಂದ್ರು ಅವರಡಕೆ, ಗಿರಿಜಾ, ಸಂತೋಷ್, ಕಲ್ಪನಾ, ನಾಗರತ್ನಾ, ಸತ್ಯವತಿ ಸೇರಿದಂತೆ ಹಲವರು ಉಪಸ್ಥಿತರಿದ್ದರು. ಬಿ.ಶಿವಶಂಕರ, ಮಂಗಳಗೌರಿ, ಪಿ.ಕಸ್ತೂರಮ್ಮ, ಟಿ.ಇಂದಿರಾ, ಕಲಾವತಿ, ರೇಣುಕಮ್ಮ, ಲೀಲಾವತಿ, ಮಂಜುಳಾ, ಗಂಗಮ್ಮ, ಜಯಮಾಲ, ಪುಷ್ಪಾವತಿ, ಶಿವಗಂಗಮ್ಮ, ಕೆ.ಸುನೀತಾ, ರತ್ನಮ್ಮ, ಜ್ಯೋತಿ, ಪದ್ಮ, ಜಗದೀಶ್ವರಿ, ಮಹಾಗೌರಿ, ಪ್ರಿಯಾ, ವೀಣಾ, ಅರುಣ್ಯ ಸೇರಿದಂತೆ ರಾಜ್ಯದ ಎಲ್ಲ ಜಿಲ್ಲೆಗಳ ಪ್ರತಿನಿಧಿಗಳು ಹಾಗೂ ನೂರಾರು ಅಂಗನವಾಡಿ ಕಾರ್ಯಕರ್ತೆಯರು, 40 ಸಾವಿರಕ್ಕೂ ಅಧಿಕ ಅಂಗನವಾಡಿ ಕಾರ್ಯಕರ್ತೆಯರು ಹಾಗೂ ಸಹಾಯಕಿಯರು ಇದ್ದರು.

ಮಕ್ಕಳಿಗೆ ಪೌಷ್ಟಿಕ ಆಹಾರ ನೀಡಿ: ತಾಪಂ
ಇಒ ಅಪೂರ್ವ ಎಕುಲಕರ್ಣಿ ಸಲಹೆ
"ಉಚ್ಚಂಗಿದುರ್ಗದಲ್ಲಿ ಕೂಸಿನ ಮನೆಯ ಮಕ್ಕಳನ್ನು ಎತ್ತಿ ಮುದ್ದಾಡಿ ಗಮನ ಸೆಳೆದ ಕಾರ್ಯನಿರ್ವಾಹಕ ಅಧಿಕಾರಿ"

ಹರಪನಹಳ್ಳಿ: ಕೂಸಿನ ಮನೆಗೆ ಬರುವ ಮಕ್ಕಳನ್ನು ತಮ್ಮ ಮಕ್ಕಳಂತೆ ನೋಡಿಕೊಂಡು ಸ್ವಚ್ಛತೆಗೆ ಒತ್ತು ನೀಡುತ್ತ ಪೌಷ್ಟಿಕ ಆಹಾರ ಕಡ್ಡಾಯವಾಗಿ ನೀಡಬೇಕು ಎಂದು ಹರಪನಹಳ್ಳಿ ತಾಲ್ಲೂಕು ತಾಪಂ ಕಾರ್ಯನಿರ್ವಾಹಕ ಅಧಿಕಾರಿ ಆದ ಅಪೂರ್ವ ಎ ಕುಲಕರ್ಣಿ ಅವರು ಸೂಚಿಸಿದರು.

ತಾಲೂಕಿನ ಉಚ್ಚಂಗಿದುರ್ಗ ಗ್ರಾಮದಲ್ಲಿ ಭರತ ಹುಣ್ಣಿಮೆ ಹಾಗೂ ಮುಂಬರುವ ಯುಗಾದಿಗೆ ನಡೆಯುವ ಉಚ್ಚಂಗೆಮ್ಮ ಜಾತ್ರೆಯ ಪ್ರಮುಖ ಸ್ಥಳಗಳ ಪೂರ್ವಭಾವಿ ಸಭೆಗೆ ಆಗಮಿಸಿದ್ದ ಇಒ ಅವರು ಕೂಸಿನ ಮನೆಗೆ ದಿಢೀರ್ ಭೇಟಿ ನೀಡಿ ಪರಿಶೀಲಿಸಿದರು.

ಕೂಸಿನ ಮನೆಗೆ ನರೇಗಾ ಕೂಲಿ ಕಾರ್ಮಿಕರ ಮಕ್ಕಳು ಮಾತ್ರವಲ್ಲದೆ ಎಲ್ಲರ ಮಕ್ಕಳು ಬಂದರೂ ಸಹ ನೋಡಿಕೊಳ್ಳಬೇಕು. ಯಾವುದೇ ತಾರತಮ್ಯ ಮಾಡದಂತೆ,ಗ್ರಾಮ ಪಂಚಾಯಿತಿ ಮತ್ತು ಪಂಚಾಯತ್ ರಾಜ್ ಇಲಾಖೆ

ಹಾಗೂ ಹಾಗೂ ಮಹಿಳಾ ಮತ್ತು ಮಕ್ಕಳ ಅಭಿವೃದ್ಧಿ ಇಲಾಖೆಯಿಂದ ಕೂಸಿನ ಮನೆ ನಡೆಯುತ್ತಿದ್ದು, ಇದನ್ನು ಅರ್ಥಪೂರ್ಣವಾಗಿ ಮುನ್ನಡೆಸಿಕೊಂಡು ಹೋಗಬೇಕು. ಇದರಲ್ಲಿ ಆರೈಕೆದಾರರ ಪಾತ್ರ ಬಹಳ ದೊಡ್ಡದು ಇದೆ.

ಮಕ್ಕಳನ್ನು ಉತ್ತಮ ರೀತಿಯಲ್ಲಿ ಕಂಡು ಸರಿ-ಕಳೆ ನೋಡಿಕೊಂಡಲ್ಲಿ ಚಟುವಟಿಕೆ ಹೇಳಿಕೊಡುವ ಮೂಲಕ ಆರೈಕೆ ಮಾಡುವ ಮೂಲಕ ಕೂಸಿನ ಮನೆ ನಡೆಸಬೇಕು ಎಂದು ಪಿಡಿಒ ಗೆ ಸೂಚಿಸಿದರು.

ಕೂಸಿನ ಮನೆಗೆ ಬರುವ 6 ತಿಂಗಳಿಂದ 3 ವರ್ಷದೊಳಗಿನ ಮಕ್ಕಳನ್ನು ಉತ್ತಮ ರೀತಿಯಲ್ಲಿ ಆರೈಕೆ ಮಾಡಬೇಕು. ಮಕ್ಕಳನ್ನು ಆರೈಕೆ ಮಾಡುವಾಗ ತಮ್ಮ ಮಕ್ಕಳಂತೆ ನೋಡಿ ಕೊಂಡು ಸರ್ಕಾರ ನೀಡುವ ಆಹಾರ ನೀಡಿ ಎಲ್ಲ ಮಕ್ಕಳು ಪೌಷ್ಟಿಕವಾಗಿ ಬೆಳೆಯಬೇಕು ಎಂದರು.

ಈ ಸಂದರ್ಭದಲ್ಲಿ ಪಿಡಿಒ ಪರಮೇಶ್ವರಪ್ಪ, ಗ್ರಾಮದ ಹಿರಿಯರು, ಗ್ರಾಪಂ ಸದಸ್ಯರು, ಗ್ರಾಮಸ್ಥರು, ಉಪಾಧ್ಯಕ್ಷ ಎಂ.ಎಂ.ರವಿಕುಮಾರ್, ತಾಪಂ ಸಿಬ್ಬಂದಿ ದಾದಾ ಖಲೀಲ್, ಗ್ರಾಪಂ ರಾಜಣ್ಣ, ಎಂ. ದಂಡಪ್ಪ ಇತರರಿದ್ದರು.

ಜ್ಯೋತಿ ಎಂ. ಅವರಿಗೆ ಹಂಪಿ ಕನ್ನಡ ವಿಶ್ವವಿದ್ಯಾಲಯದಿಂದ ಡಿ.ಲಿಟ್ ಪದವಿ.

ಹೊಸಪೇಟೆ ಟೈಮ್ಸ್ ನ್ಯೂಸ್ ವಿಜಯನಗರ(ಹೊಸಪೇಟೆ): ಇಂಗ್ಲಿಷ್ ಉಪನ್ಯಾಸಕರು ಸುಮಾರು 22 ವರ್ಷಗಳ ಅನುಭವ ಹೊಂದಿರುವ ಜ್ಯೋತಿ ಎಂ. ಅವರು ಇಂಗ್ಲಿಷ್ ವಿಭಾಗದಲ್ಲಿ ಉಪನ್ಯಾಸಕರಾಗಿ ಸೇವೆ ಸಲ್ಲಿಸುತ್ತಿದ್ದಾರೆ. ಅವರು ಬಲ್ಲರಿ ನಾಟಕಕಾರರ ಕೃತಿಗಳ ಕುರಿತು ಸಂಶೋಧನೆ ನಡೆಸಿ ಪ್ರೌಢ ಪ್ರಬಂಧ ಸಲ್ಲಿಸಿದ್ದರು. ಹಂಪಿ ಕನ್ನಡ ವಿಶ್ವವಿದ್ಯಾಲಯವು 2024-25ನೇ ಸಾಲಿನ ಡಾಕ್ಟರ್ (ಡಿ.ಲಿಟ್) ಪದವಿ ನೀಡಿ ಗೌರವಿಸಿದೆ.

ಜ್ಯೋತಿ ಎಂ. ಅವರ ಸಾಧನೆಗೆ ಗ್ರಾಮದ ಹಿರಿಯರು, ಮಿತ್ರರು, ವಿದ್ಯಾರ್ಥಿಗಳು, ಉಪನ್ಯಾಸಕರು, ಪೋಷಕರು ಅಭಿನಂದನೆ ಸಲ್ಲಿಸಿದ್ದಾರೆ.

ಖಾಲಿ ಇರುವ ಸ್ವಯಂ ಸೇವಕ ಗೃಹರಕ್ಷಕರ ನೋಂದಣಿಗೆ ಅರ್ಜಿ ಆಹ್ವಾನ

ಹೊಸಪೇಟೆ ಟೈಮ್ಸ್ ನ್ಯೂಸ್ ವಿಜಯನಗರ(ಹೊಸಪೇಟೆ): ವಿಜಯನಗರ ಜಿಲ್ಲಾ ಗೃಹರಕ್ಷಕ ದಳದ ಸಿಬ್ಬಂದಿಗೆ ನೂತನ ಸ್ವಯಂ ಸೇವಕ ಗೃಹರಕ್ಷಕರ ನೋಂದಣಿಗೆ ಅರ್ಜಿ ಆಹ್ವಾನಿಸಲಾಗಿದೆ.

ಜಿಲ್ಲಾ ಗೃಹರಕ್ಷಕ ದಳದಲ್ಲಿ ಪ್ರಸ್ತುತ ಖಾಲಿ ಇರುವ ಹೊಸಪೇಟೆ, ಕಮಲಾಪುರ, ಹಗರಿಬೊಮ್ಮನಹಳ್ಳಿ, ಹರಪನಹಳ್ಳಿ ಹಾಗೂ ಹೂವಿನಹಡಗಲಿ ಘಟಕಗಳಲ್ಲಿ ಸ್ವಯಂ ಸೇವಕ ಗೃಹರಕ್ಷಕರ ಸ್ಥಾನಗಳಿಗೆ ಅರ್ಜಿ ಆಹ್ವಾನಿಸಲಾಗಿದೆ. ಭರ್ತಿ ಮಾಡಿ ಫೆ. 10 ರೊಳಗಾಗಿ ಗೃಹರಕ್ಷಕ ದಳ ಜಿಲ್ಲಾ ಸಮಾದೇಷ್ಟರ ಕಚೇರಿಯಲ್ಲಿ ಸಲ್ಲಿಸಬಹುದಾಗಿದೆ ಎಂದು ಗೃಹರಕ್ಷಕ ದಳದ ಜಿಲ್ಲಾ ಸಮಾದೇಷ್ಟ ಎಲ್. ಬಸವರಾಜ ಅಗರ ಅವರು ಪ್ರಕಟಣೆಯಲ್ಲಿ ತಿಳಿಸಿದ್ದಾರೆ.
